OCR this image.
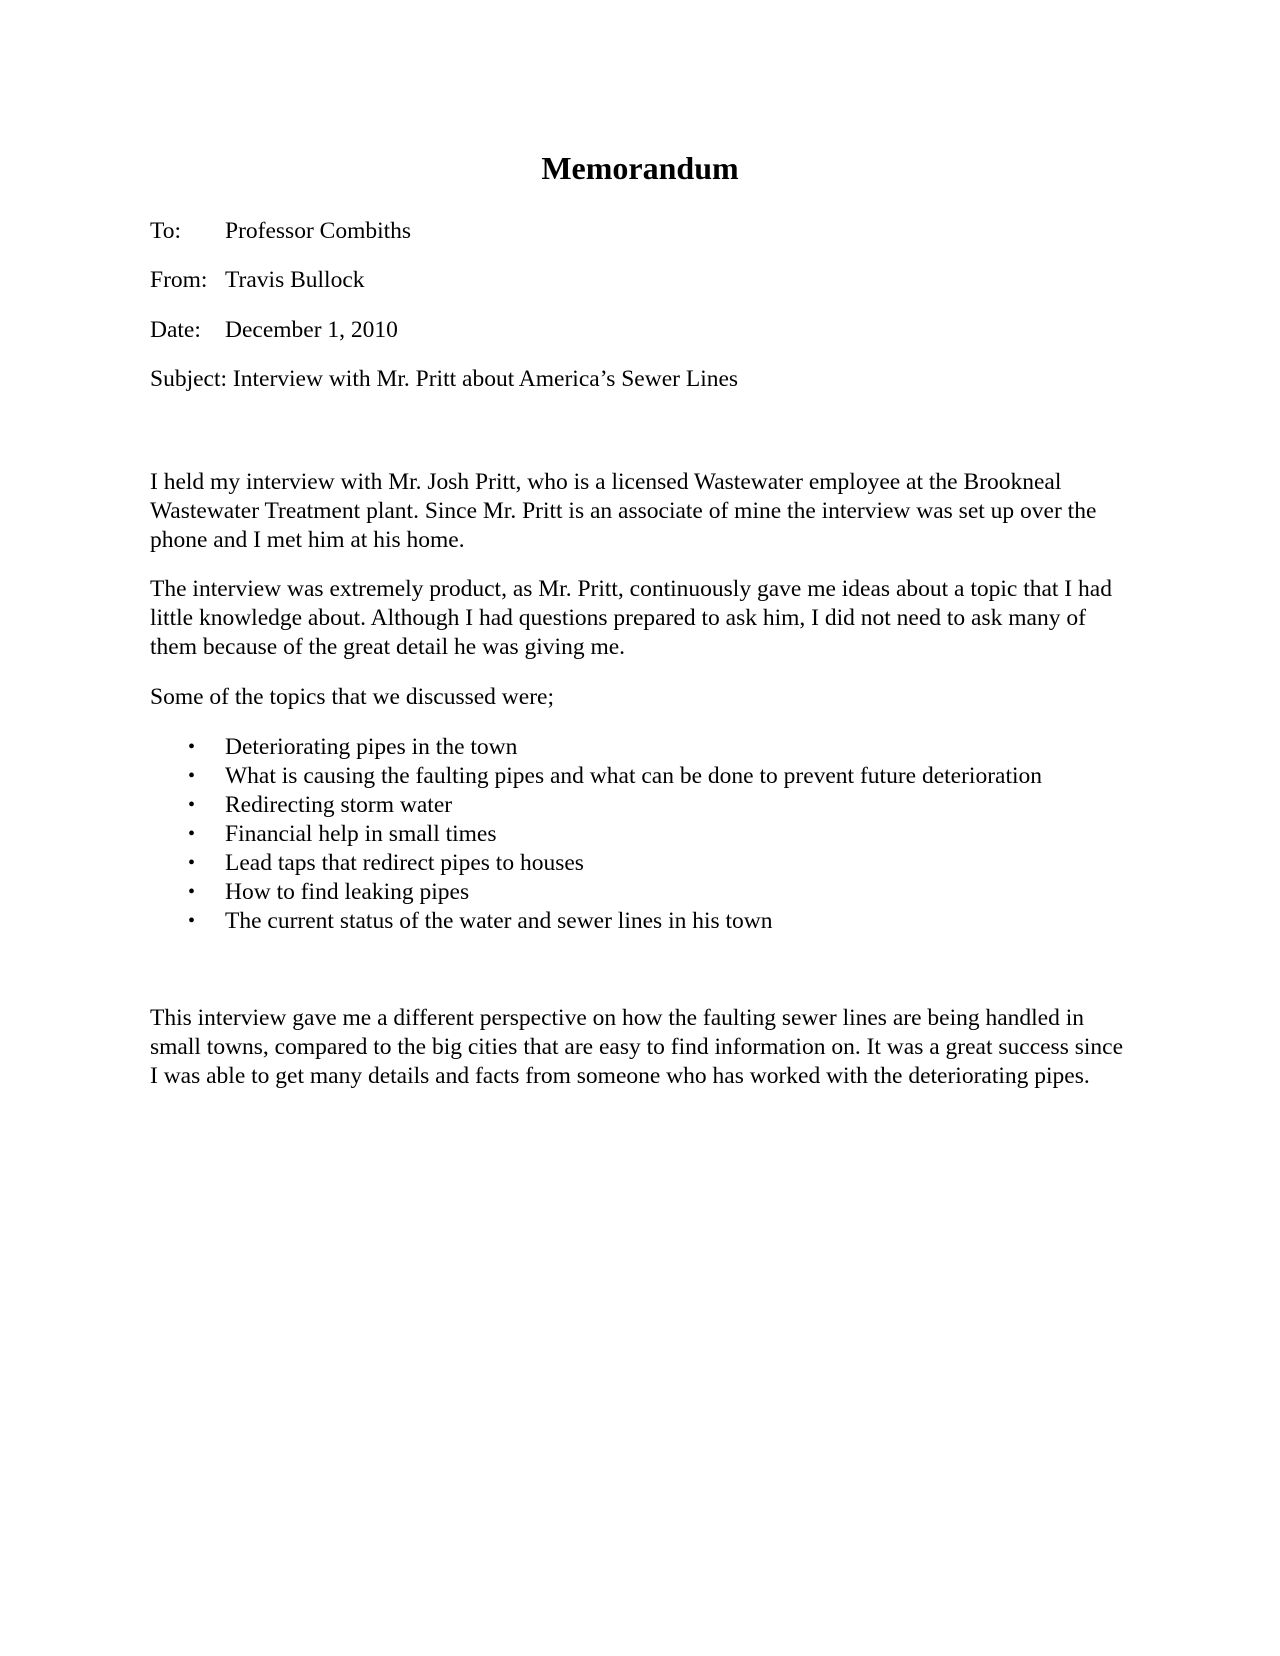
Memorandum
To: Professor Combiths
From: Travis Bullock
Date: December 1, 2010
Subject: Interview with Mr. Pritt about America’s Sewer Lines

I held my interview with Mr. Josh Pritt, who is a licensed Wastewater employee at the Brookneal Wastewater Treatment plant. Since Mr. Pritt is an associate of mine the interview was set up over the phone and I met him at his home.

The interview was extremely product, as Mr. Pritt, continuously gave me ideas about a topic that I had little knowledge about. Although I had questions prepared to ask him, I did not need to ask many of them because of the great detail he was giving me.

Some of the topics that we discussed were;

• Deteriorating pipes in the town
• What is causing the faulting pipes and what can be done to prevent future deterioration
• Redirecting storm water
• Financial help in small times
• Lead taps that redirect pipes to houses
• How to find leaking pipes
• The current status of the water and sewer lines in his town

This interview gave me a different perspective on how the faulting sewer lines are being handled in small towns, compared to the big cities that are easy to find information on. It was a great success since I was able to get many details and facts from someone who has worked with the deteriorating pipes.
